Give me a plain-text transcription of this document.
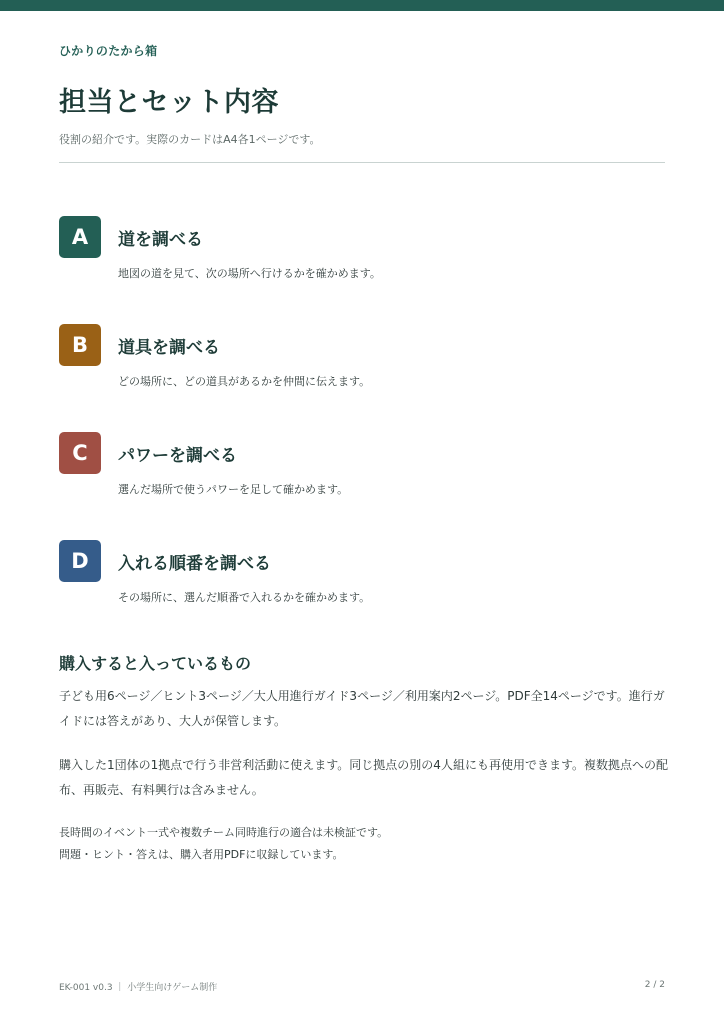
ひかりのたから箱
担当とセット内容

役割の紹介です。実際のカードはA4各1ページです。

A	道を調べる
地図の道を見て、次の場所へ行けるかを確かめます。
B	道具を調べる
どの場所に、どの道具があるかを仲間に伝えます。
C	パワーを調べる
選んだ場所で使うパワーを足して確かめます。
D	入れる順番を調べる
その場所に、選んだ順番で入れるかを確かめます。
購入すると入っているもの

子ども用6ページ／ヒント3ページ／大人用進行ガイド3ページ／利用案内2ページ。PDF全14ページです。進行ガイドには答えがあり、大人が保管します。

購入した1団体の1拠点で行う非営利活動に使えます。同じ拠点の別の4人組にも再使用できます。複数拠点への配布、再販売、有料興行は含みません。

長時間のイベント一式や複数チーム同時進行の適合は未検証です。

問題・ヒント・答えは、購入者用PDFに収録しています。

EK-001 v0.3 ｜ 小学生向けゲーム制作	2 / 2
